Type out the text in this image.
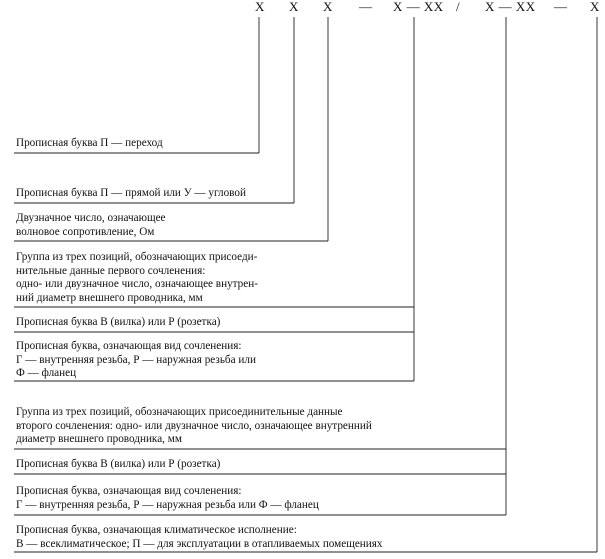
X X X — X — XX / X — XX — X
Прописная буква П — переход
Прописная буква П — прямой или У — угловой
Двузначное число, означающее
волновое сопротивление, Ом
Группа из трех позиций, обозначающих присоеди-
нительные данные первого сочленения:
одно- или двузначное число, означающее внутрен-
ний диаметр внешнего проводника, мм
Прописная буква В (вилка) или Р (розетка)
Прописная буква, означающая вид сочленения:
Г — внутренняя резьба, Р — наружная резьба или
Ф — фланец
Группа из трех позиций, обозначающих присоединительные данные
второго сочленения: одно- или двузначное число, означающее внутренний
диаметр внешнего проводника, мм
Прописная буква В (вилка) или Р (розетка)
Прописная буква, означающая вид сочленения:
Г — внутренняя резьба, Р — наружная резьба или Ф — фланец
Прописная буква, означающая климатическое исполнение:
В — всеклиматическое; П — для эксплуатации в отапливаемых помещениях
